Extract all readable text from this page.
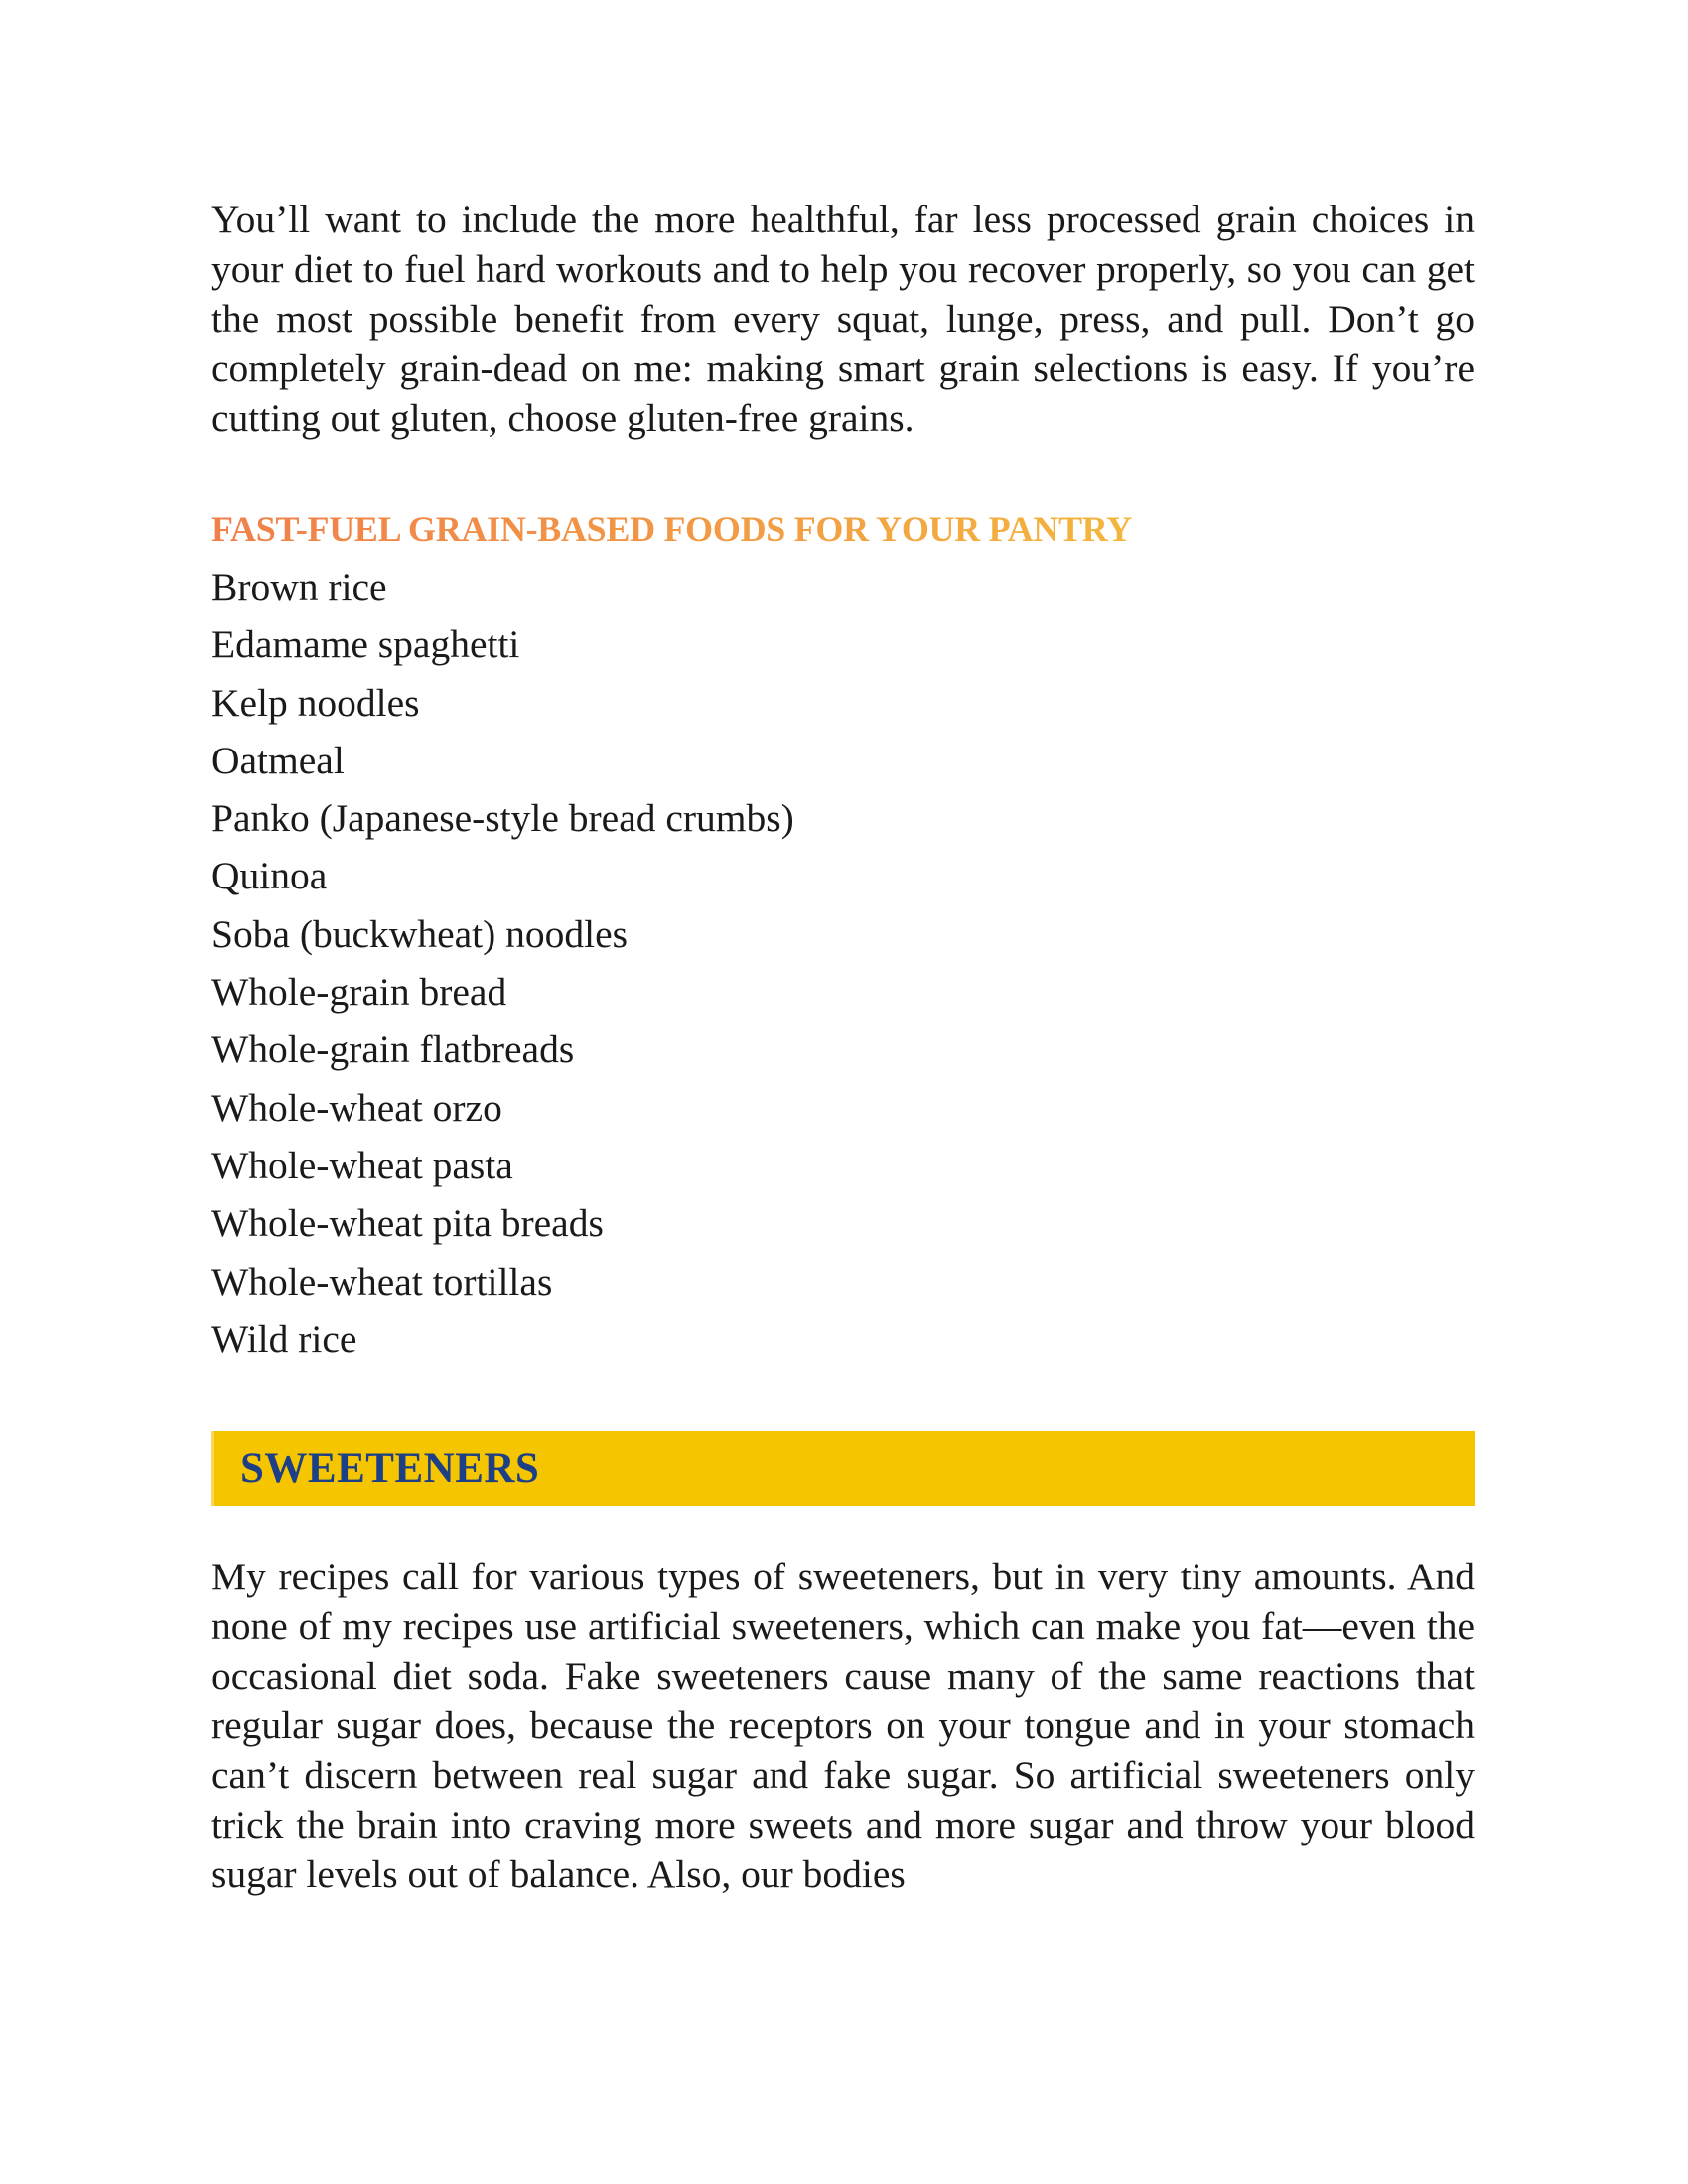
You’ll want to include the more healthful, far less processed grain choices in your diet to fuel hard workouts and to help you recover properly, so you can get the most possible benefit from every squat, lunge, press, and pull. Don’t go completely grain-dead on me: making smart grain selections is easy. If you’re cutting out gluten, choose gluten-free grains.

FAST-FUEL GRAIN-BASED FOODS FOR YOUR PANTRY
Brown rice
Edamame spaghetti
Kelp noodles
Oatmeal
Panko (Japanese-style bread crumbs)
Quinoa
Soba (buckwheat) noodles
Whole-grain bread
Whole-grain flatbreads
Whole-wheat orzo
Whole-wheat pasta
Whole-wheat pita breads
Whole-wheat tortillas
Wild rice
SWEETENERS

My recipes call for various types of sweeteners, but in very tiny amounts. And none of my recipes use artificial sweeteners, which can make you fat—even the occasional diet soda. Fake sweeteners cause many of the same reactions that regular sugar does, because the receptors on your tongue and in your stomach can’t discern between real sugar and fake sugar. So artificial sweeteners only trick the brain into craving more sweets and more sugar and throw your blood sugar levels out of balance. Also, our bodies
